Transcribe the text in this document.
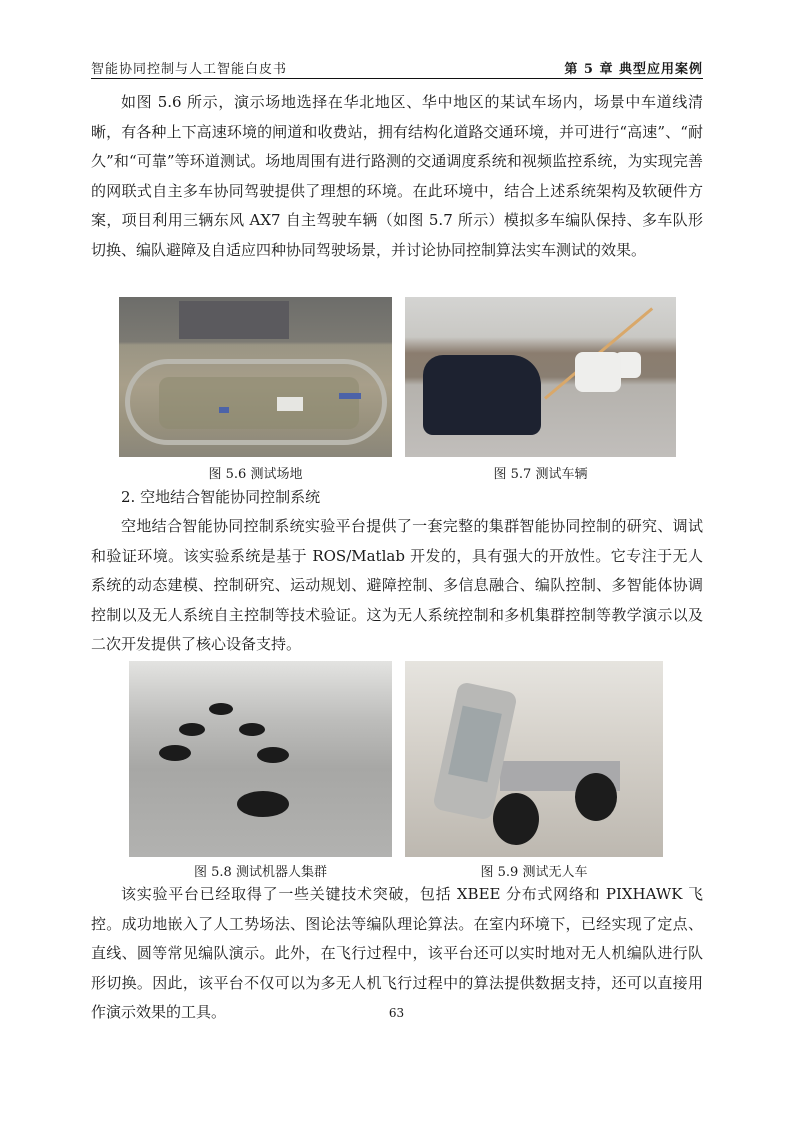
智能协同控制与人工智能白皮书	第 5 章 典型应用案例

如图 5.6 所示，演示场地选择在华北地区、华中地区的某试车场内，场景中车道线清晰，有各种上下高速环境的闸道和收费站，拥有结构化道路交通环境，并可进行“高速”、“耐久”和“可靠”等环道测试。场地周围有进行路测的交通调度系统和视频监控系统，为实现完善的网联式自主多车协同驾驶提供了理想的环境。在此环境中，结合上述系统架构及软硬件方案，项目利用三辆东风 AX7 自主驾驶车辆（如图 5.7 所示）模拟多车编队保持、多车队形切换、编队避障及自适应四种协同驾驶场景，并讨论协同控制算法实车测试的效果。

图 5.6 测试场地	图 5.7 测试车辆

2. 空地结合智能协同控制系统

空地结合智能协同控制系统实验平台提供了一套完整的集群智能协同控制的研究、调试和验证环境。该实验系统是基于 ROS/Matlab 开发的，具有强大的开放性。它专注于无人系统的动态建模、控制研究、运动规划、避障控制、多信息融合、编队控制、多智能体协调控制以及无人系统自主控制等技术验证。这为无人系统控制和多机集群控制等教学演示以及二次开发提供了核心设备支持。

图 5.8 测试机器人集群	图 5.9 测试无人车

该实验平台已经取得了一些关键技术突破，包括 XBEE 分布式网络和 PIXHAWK 飞控。成功地嵌入了人工势场法、图论法等编队理论算法。在室内环境下，已经实现了定点、直线、圆等常见编队演示。此外，在飞行过程中，该平台还可以实时地对无人机编队进行队形切换。因此，该平台不仅可以为多无人机飞行过程中的算法提供数据支持，还可以直接用作演示效果的工具。	63
